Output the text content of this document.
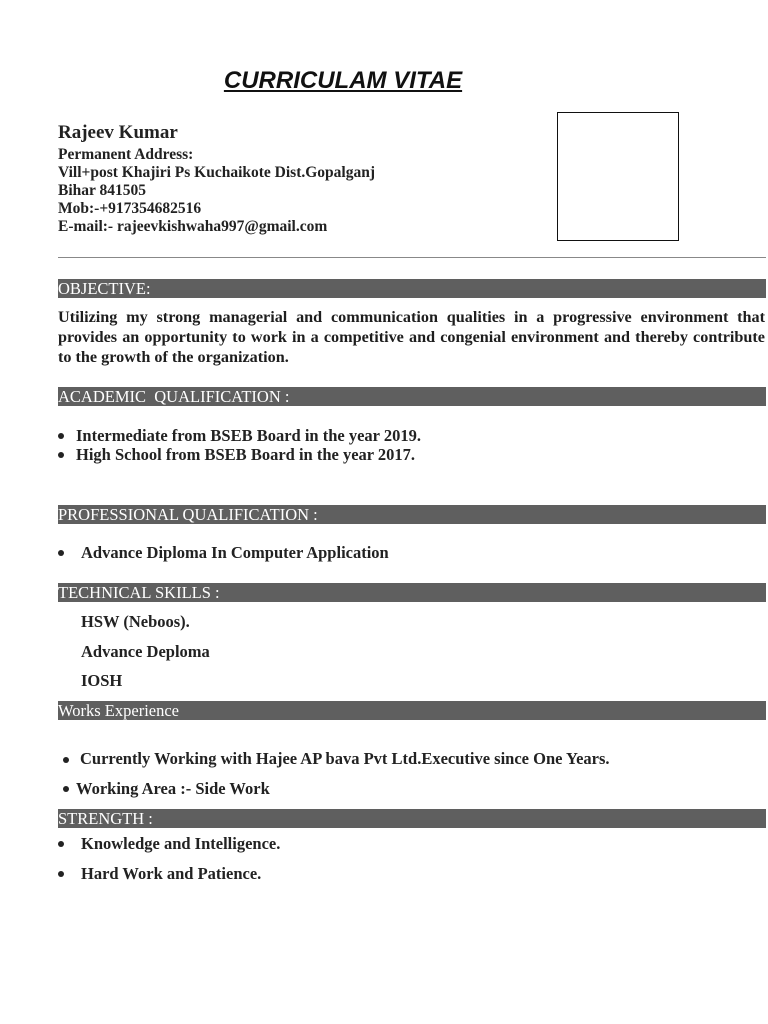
CURRICULAM VITAE
Rajeev Kumar
Permanent Address:
Vill+post Khajiri Ps Kuchaikote Dist.Gopalganj
Bihar 841505
Mob:-+917354682516
E-mail:- rajeevkishwaha997@gmail.com
OBJECTIVE:
Utilizing my strong managerial and communication qualities in a progressive environment that provides an opportunity to work in a competitive and congenial environment and thereby contribute to the growth of the organization.
ACADEMIC  QUALIFICATION :
Intermediate from BSEB Board in the year 2019.
High School from BSEB Board in the year 2017.
PROFESSIONAL QUALIFICATION :
Advance Diploma In Computer Application
TECHNICAL SKILLS :
HSW (Neboos).
Advance Deploma
IOSH
Works Experience
Currently Working with Hajee AP bava Pvt Ltd.Executive since One Years.
Working Area :- Side Work
STRENGTH :
Knowledge and Intelligence.
Hard Work and Patience.
